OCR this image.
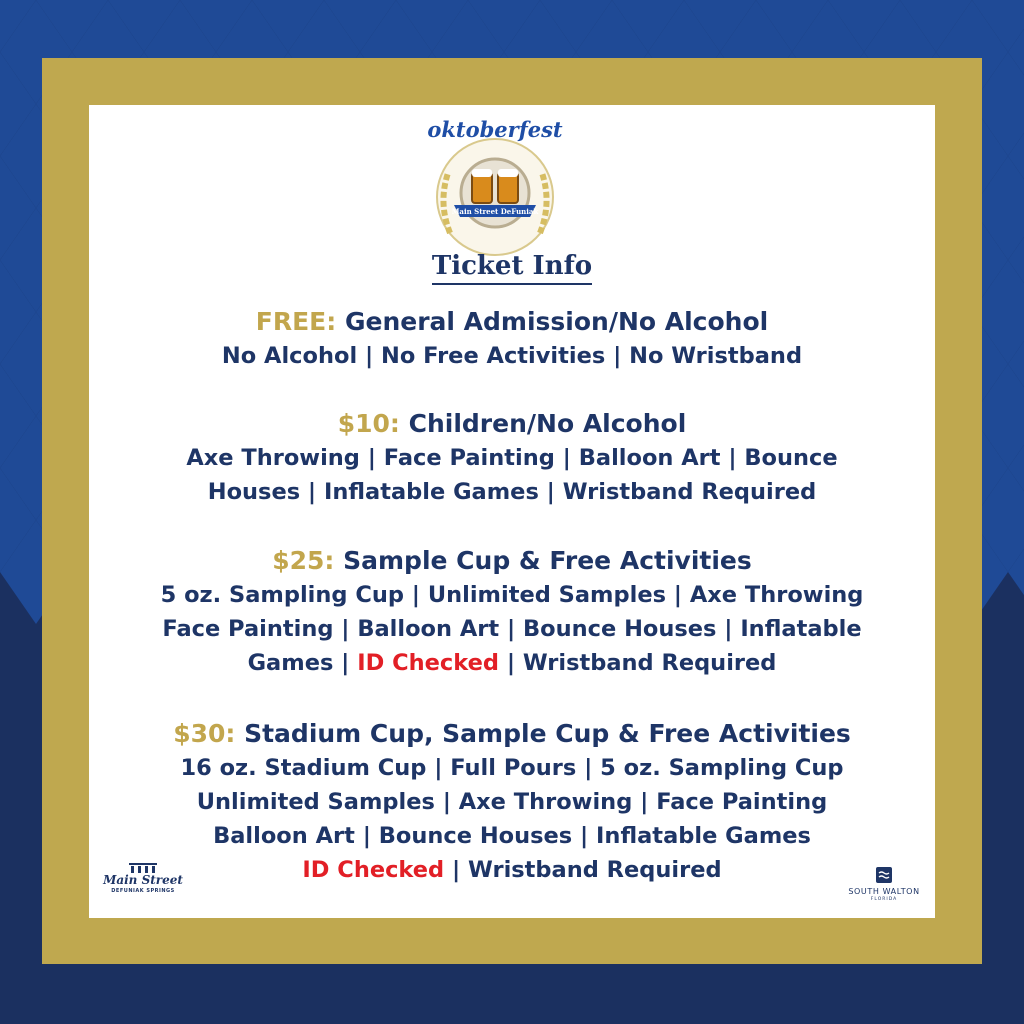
Main Street DeFuniak
oktoberfest
Ticket Info
FREE: General Admission/No Alcohol
No Alcohol | No Free Activities | No Wristband
$10: Children/No Alcohol
Axe Throwing | Face Painting | Balloon Art | Bounce
Houses | Inflatable Games | Wristband Required
$25: Sample Cup & Free Activities
5 oz. Sampling Cup | Unlimited Samples | Axe Throwing
Face Painting | Balloon Art | Bounce Houses | Inflatable
Games | ID Checked | Wristband Required
$30: Stadium Cup, Sample Cup & Free Activities
16 oz. Stadium Cup | Full Pours | 5 oz. Sampling Cup
Unlimited Samples | Axe Throwing | Face Painting
Balloon Art | Bounce Houses | Inflatable Games
ID Checked | Wristband Required
Main Street
DEFUNIAK SPRINGS	SOUTH WALTON
FLORIDA
